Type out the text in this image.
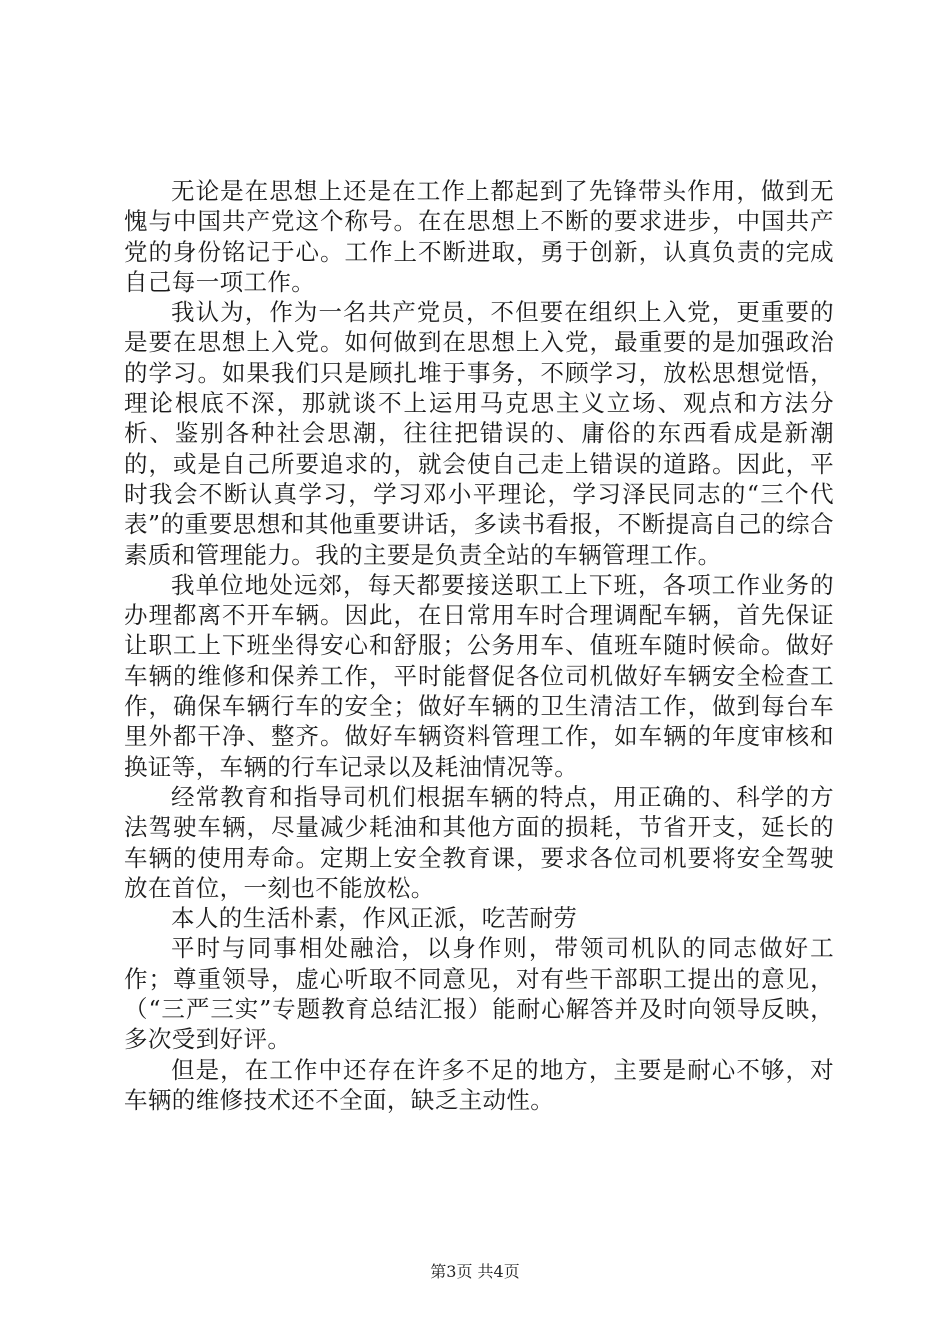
无论是在思想上还是在工作上都起到了先锋带头作用，做到无愧与中国共产党这个称号。在在思想上不断的要求进步，中国共产党的身份铭记于心。工作上不断进取，勇于创新，认真负责的完成自己每一项工作。

我认为，作为一名共产党员，不但要在组织上入党，更重要的是要在思想上入党。如何做到在思想上入党，最重要的是加强政治的学习。如果我们只是顾扎堆于事务，不顾学习，放松思想觉悟，理论根底不深，那就谈不上运用马克思主义立场、观点和方法分析、鉴别各种社会思潮，往往把错误的、庸俗的东西看成是新潮的，或是自己所要追求的，就会使自己走上错误的道路。因此，平时我会不断认真学习，学习邓小平理论，学习泽民同志的“三个代表”的重要思想和其他重要讲话，多读书看报，不断提高自己的综合素质和管理能力。我的主要是负责全站的车辆管理工作。

我单位地处远郊，每天都要接送职工上下班，各项工作业务的办理都离不开车辆。因此，在日常用车时合理调配车辆，首先保证让职工上下班坐得安心和舒服；公务用车、值班车随时候命。做好车辆的维修和保养工作，平时能督促各位司机做好车辆安全检查工作，确保车辆行车的安全；做好车辆的卫生清洁工作，做到每台车里外都干净、整齐。做好车辆资料管理工作，如车辆的年度审核和换证等，车辆的行车记录以及耗油情况等。

经常教育和指导司机们根据车辆的特点，用正确的、科学的方法驾驶车辆，尽量减少耗油和其他方面的损耗，节省开支，延长的车辆的使用寿命。定期上安全教育课，要求各位司机要将安全驾驶放在首位，一刻也不能放松。

本人的生活朴素，作风正派，吃苦耐劳

平时与同事相处融洽，以身作则，带领司机队的同志做好工作；尊重领导，虚心听取不同意见，对有些干部职工提出的意见，（“三严三实”专题教育总结汇报）能耐心解答并及时向领导反映，多次受到好评。

但是，在工作中还存在许多不足的地方，主要是耐心不够，对车辆的维修技术还不全面，缺乏主动性。

第3页 共4页
